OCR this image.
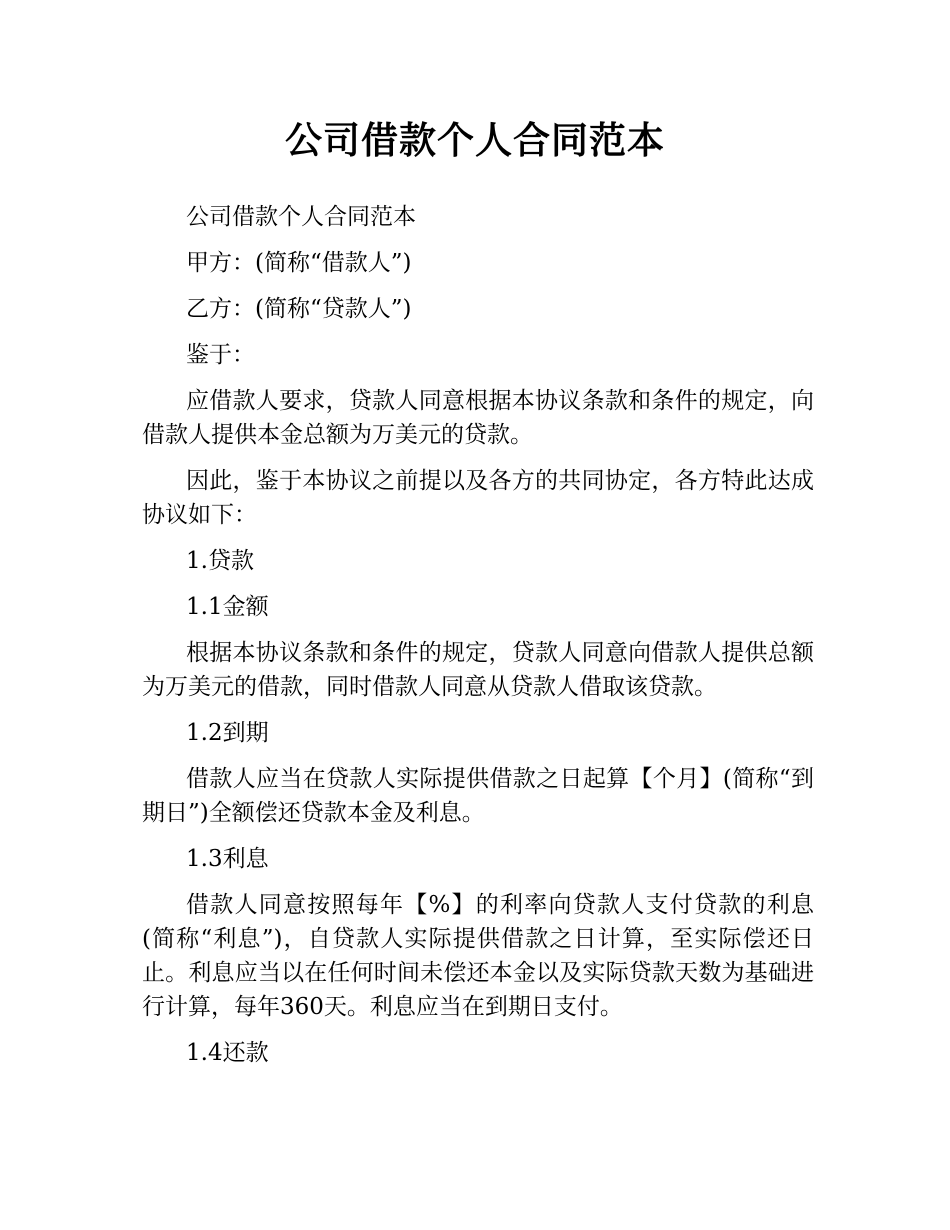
公司借款个人合同范本

公司借款个人合同范本

甲方：(简称“借款人”)

乙方：(简称“贷款人”)

鉴于：

应借款人要求，贷款人同意根据本协议条款和条件的规定，向借款人提供本金总额为万美元的贷款。

因此，鉴于本协议之前提以及各方的共同协定，各方特此达成协议如下：

1.贷款

1.1金额

根据本协议条款和条件的规定，贷款人同意向借款人提供总额为万美元的借款，同时借款人同意从贷款人借取该贷款。

1.2到期

借款人应当在贷款人实际提供借款之日起算【个月】(简称“到期日”)全额偿还贷款本金及利息。

1.3利息

借款人同意按照每年【%】的利率向贷款人支付贷款的利息(简称“利息”)，自贷款人实际提供借款之日计算，至实际偿还日止。利息应当以在任何时间未偿还本金以及实际贷款天数为基础进行计算，每年360天。利息应当在到期日支付。

1.4还款
